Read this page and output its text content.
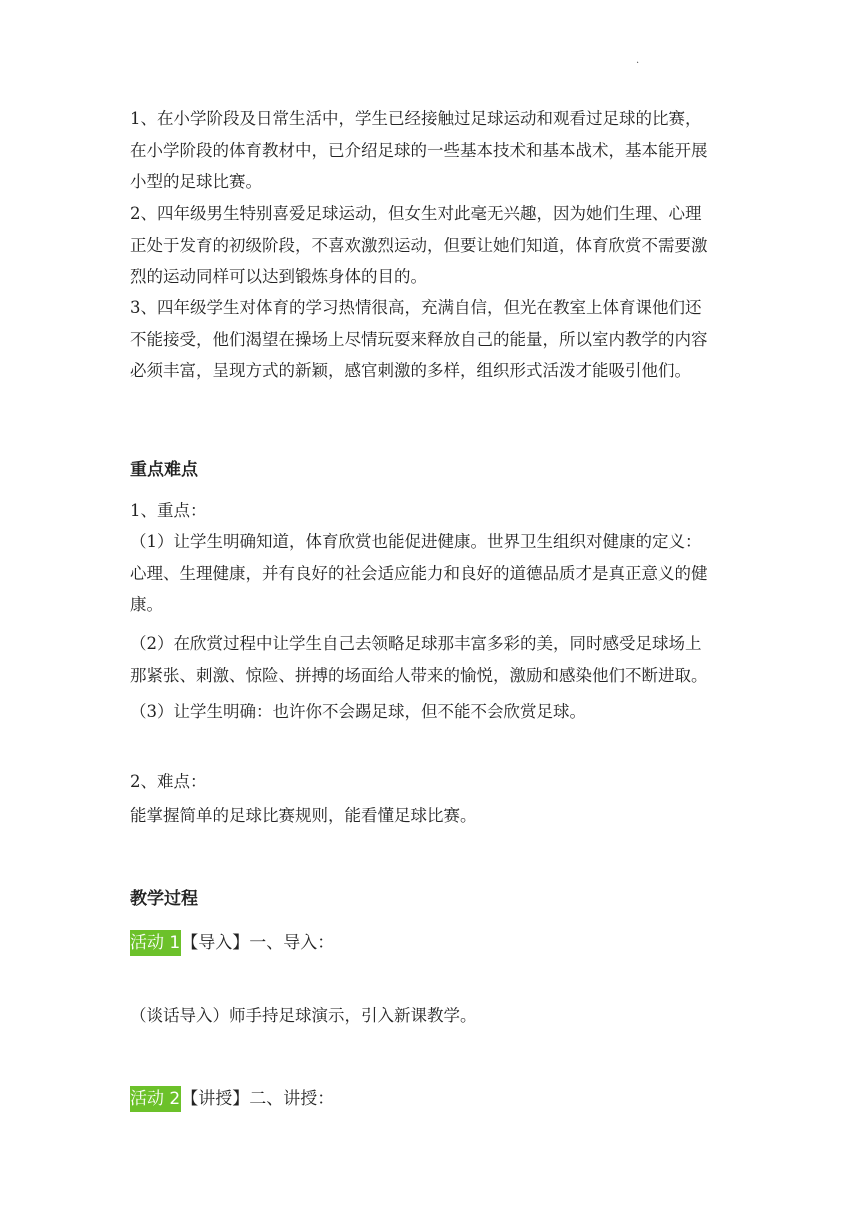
.

1、在小学阶段及日常生活中，学生已经接触过足球运动和观看过足球的比赛，
在小学阶段的体育教材中，已介绍足球的一些基本技术和基本战术，基本能开展
小型的足球比赛。

2、四年级男生特别喜爱足球运动，但女生对此毫无兴趣，因为她们生理、心理
正处于发育的初级阶段，不喜欢激烈运动，但要让她们知道，体育欣赏不需要激
烈的运动同样可以达到锻炼身体的目的。

3、四年级学生对体育的学习热情很高，充满自信，但光在教室上体育课他们还
不能接受，他们渴望在操场上尽情玩耍来释放自己的能量，所以室内教学的内容
必须丰富，呈现方式的新颖，感官刺激的多样，组织形式活泼才能吸引他们。

重点难点

1、重点：

（1）让学生明确知道，体育欣赏也能促进健康。世界卫生组织对健康的定义：
心理、生理健康，并有良好的社会适应能力和良好的道德品质才是真正意义的健
康。

（2）在欣赏过程中让学生自己去领略足球那丰富多彩的美，同时感受足球场上
那紧张、刺激、惊险、拼搏的场面给人带来的愉悦，激励和感染他们不断进取。

（3）让学生明确：也许你不会踢足球，但不能不会欣赏足球。

2、难点：

能掌握简单的足球比赛规则，能看懂足球比赛。

教学过程

活动 1【导入】一、导入：

（谈话导入）师手持足球演示，引入新课教学。

活动 2【讲授】二、讲授：
